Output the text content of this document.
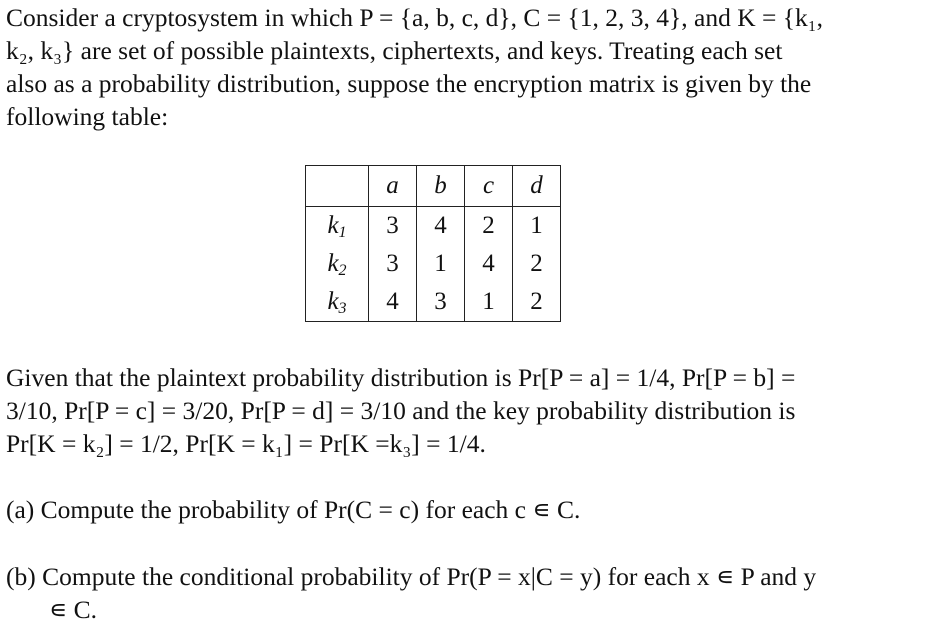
Consider a cryptosystem in which P = {a, b, c, d}, C = {1, 2, 3, 4}, and K = {k₁,
k₂, k₃} are set of possible plaintexts, ciphertexts, and keys. Treating each set
also as a probability distribution, suppose the encryption matrix is given by the
following table:
	a	b	c	d
$k_1$	3	4	2	1
$k_2$	3	1	4	2
$k_3$	4	3	1	2
Given that the plaintext probability distribution is Pr[P = a] = 1/4, Pr[P = b] =
3/10, Pr[P = c] = 3/20, Pr[P = d] = 3/10 and the key probability distribution is
Pr[K = k₂] = 1/2, Pr[K = k₁] = Pr[K =k₃] = 1/4.
(a) Compute the probability of Pr(C = c) for each c ∊ C.
(b) Compute the conditional probability of Pr(P = x|C = y) for each x ∊ P and y
∊ C.
